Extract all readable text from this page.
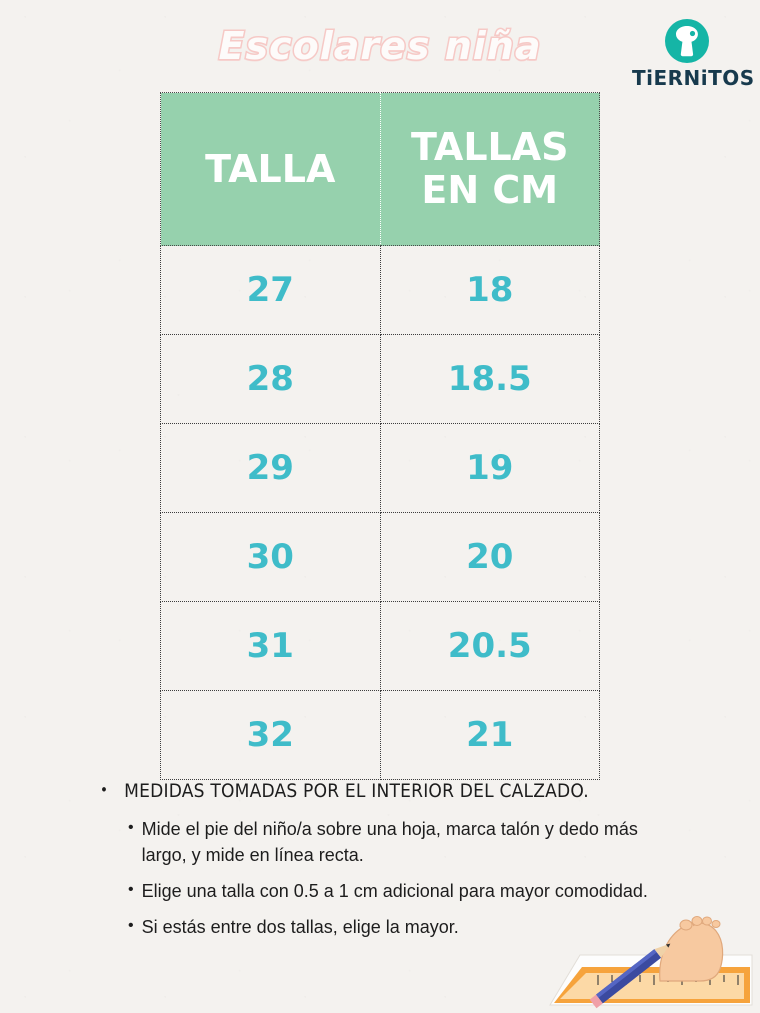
Escolares niña
TiERNiTOS
TALLA	TALLAS EN CM
27	18
28	18.5
29	19
30	20
31	20.5
32	21
• MEDIDAS TOMADAS POR EL INTERIOR DEL CALZADO.
• Mide el pie del niño/a sobre una hoja, marca talón y dedo más largo, y mide en línea recta.
• Elige una talla con 0.5 a 1 cm adicional para mayor comodidad.
• Si estás entre dos tallas, elige la mayor.
